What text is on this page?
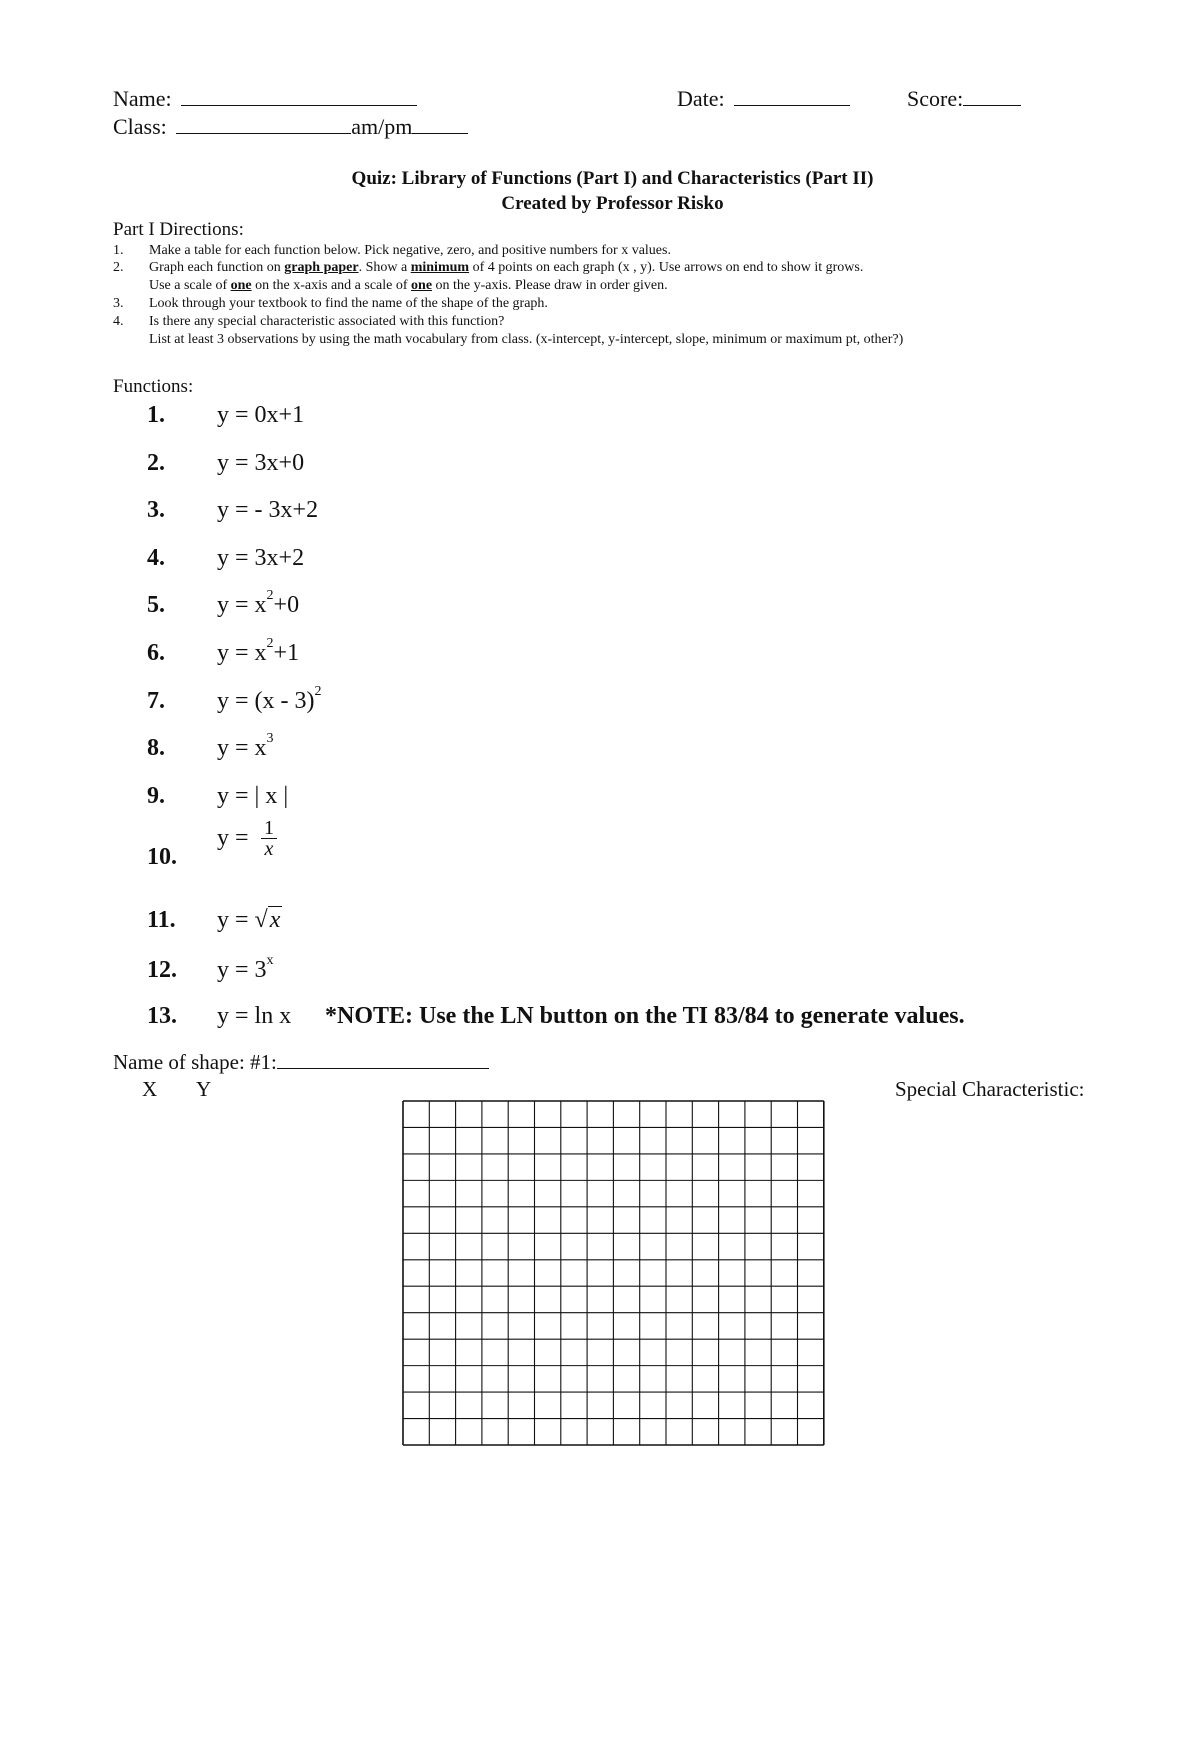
Name:	Date:	Score:
Class:	am/pm
Quiz: Library of Functions (Part I) and Characteristics (Part II)
Created by Professor Risko
Part I Directions:
1. Make a table for each function below. Pick negative, zero, and positive numbers for x values.
2. Graph each function on graph paper. Show a minimum of 4 points on each graph (x , y). Use arrows on end to show it grows.
Use a scale of one on the x-axis and a scale of one on the y-axis. Please draw in order given.
3. Look through your textbook to find the name of the shape of the graph.
4. Is there any special characteristic associated with this function?
List at least 3 observations by using the math vocabulary from class. (x-intercept, y-intercept, slope, minimum or maximum pt, other?)
Functions:
1. y = 0x+1
2. y = 3x+0
3. y = - 3x+2
4. y = 3x+2
5. $y = x^2+0$
6. $y = x^2+1$
7. y = (x - 3)$^2$
8. $y = x^3$
9. y = | x |
10.
$y = \frac{1}{x}$
11. y = √x
12. $y = 3^x$
13. y = ln x *NOTE: Use the LN button on the TI 83/84 to generate values.
Name of shape: #1:
X Y	Special Characteristic:
